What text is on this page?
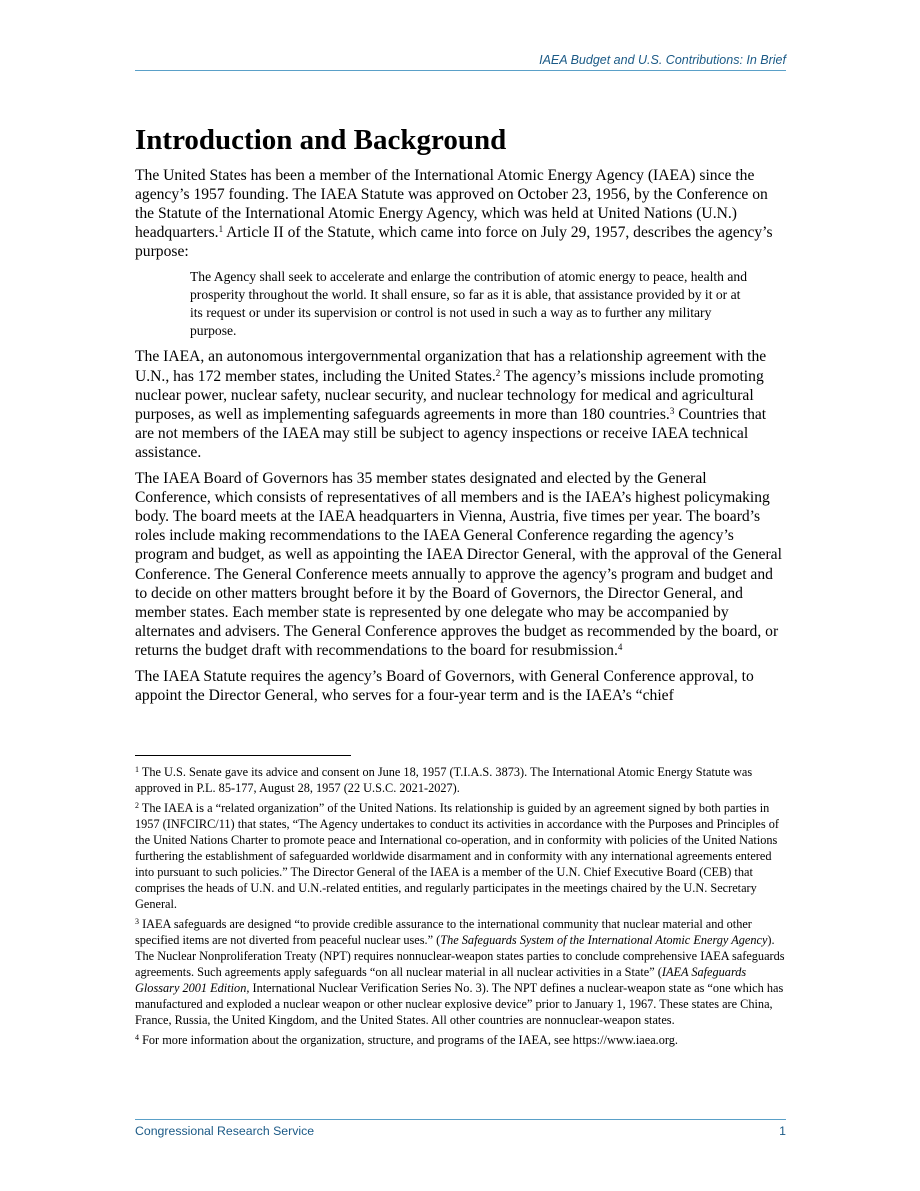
IAEA Budget and U.S. Contributions: In Brief
Introduction and Background

The United States has been a member of the International Atomic Energy Agency (IAEA) since the agency’s 1957 founding. The IAEA Statute was approved on October 23, 1956, by the Conference on the Statute of the International Atomic Energy Agency, which was held at United Nations (U.N.) headquarters.$^1$ Article II of the Statute, which came into force on July 29, 1957, describes the agency’s purpose:

The Agency shall seek to accelerate and enlarge the contribution of atomic energy to peace, health and prosperity throughout the world. It shall ensure, so far as it is able, that assistance provided by it or at its request or under its supervision or control is not used in such a way as to further any military purpose.

The IAEA, an autonomous intergovernmental organization that has a relationship agreement with the U.N., has 172 member states, including the United States.$^2$ The agency’s missions include promoting nuclear power, nuclear safety, nuclear security, and nuclear technology for medical and agricultural purposes, as well as implementing safeguards agreements in more than 180 countries.$^3$ Countries that are not members of the IAEA may still be subject to agency inspections or receive IAEA technical assistance.

The IAEA Board of Governors has 35 member states designated and elected by the General Conference, which consists of representatives of all members and is the IAEA’s highest policymaking body. The board meets at the IAEA headquarters in Vienna, Austria, five times per year. The board’s roles include making recommendations to the IAEA General Conference regarding the agency’s program and budget, as well as appointing the IAEA Director General, with the approval of the General Conference. The General Conference meets annually to approve the agency’s program and budget and to decide on other matters brought before it by the Board of Governors, the Director General, and member states. Each member state is represented by one delegate who may be accompanied by alternates and advisers. The General Conference approves the budget as recommended by the board, or returns the budget draft with recommendations to the board for resubmission.$^4$

The IAEA Statute requires the agency’s Board of Governors, with General Conference approval, to appoint the Director General, who serves for a four-year term and is the IAEA’s “chief

$^1$ The U.S. Senate gave its advice and consent on June 18, 1957 (T.I.A.S. 3873). The International Atomic Energy Statute was approved in P.L. 85-177, August 28, 1957 (22 U.S.C. 2021-2027).

$^2$ The IAEA is a “related organization” of the United Nations. Its relationship is guided by an agreement signed by both parties in 1957 (INFCIRC/11) that states, “The Agency undertakes to conduct its activities in accordance with the Purposes and Principles of the United Nations Charter to promote peace and International co-operation, and in conformity with policies of the United Nations furthering the establishment of safeguarded worldwide disarmament and in conformity with any international agreements entered into pursuant to such policies.” The Director General of the IAEA is a member of the U.N. Chief Executive Board (CEB) that comprises the heads of U.N. and U.N.-related entities, and regularly participates in the meetings chaired by the U.N. Secretary General.

$^3$ IAEA safeguards are designed “to provide credible assurance to the international community that nuclear material and other specified items are not diverted from peaceful nuclear uses.” (The Safeguards System of the International Atomic Energy Agency). The Nuclear Nonproliferation Treaty (NPT) requires nonnuclear-weapon states parties to conclude comprehensive IAEA safeguards agreements. Such agreements apply safeguards “on all nuclear material in all nuclear activities in a State” (IAEA Safeguards Glossary 2001 Edition, International Nuclear Verification Series No. 3). The NPT defines a nuclear-weapon state as “one which has manufactured and exploded a nuclear weapon or other nuclear explosive device” prior to January 1, 1967. These states are China, France, Russia, the United Kingdom, and the United States. All other countries are nonnuclear-weapon states.

$^4$ For more information about the organization, structure, and programs of the IAEA, see https://www.iaea.org.

Congressional Research Service	1
